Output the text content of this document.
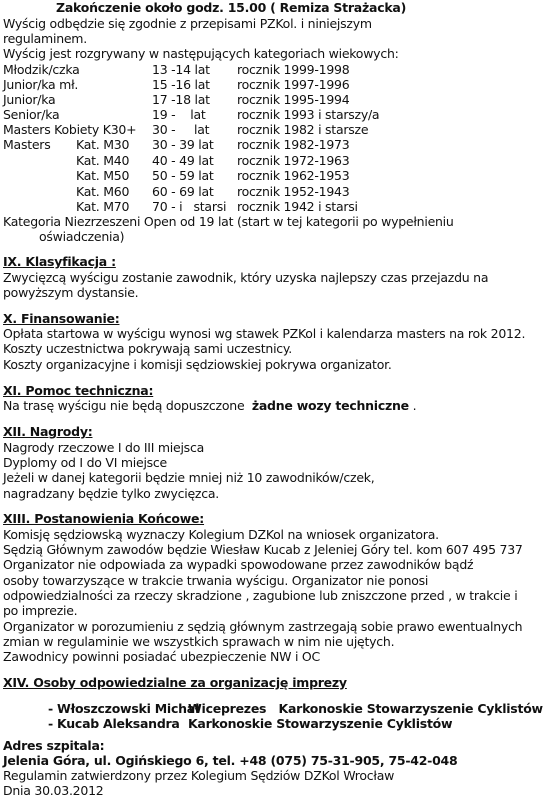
Zakończenie około godz. 15.00 ( Remiza Strażacka)
Wyścig odbędzie się zgodnie z przepisami PZKol. i niniejszym
regulaminem.
Wyścig jest rozgrywany w następujących kategoriach wiekowych:
Młodzik/czka	13 -14 lat rocznik 1999-1998
Junior/ka mł.	15 -16 lat rocznik 1997-1996
Junior/ka	17 -18 lat rocznik 1995-1994
Senior/ka	19 -    lat	rocznik 1993 i starszy/a
Masters Kobiety K30+ 30 -     lat rocznik 1982 i starsze
Masters Kat. M30 30 - 39 lat rocznik 1982-1973
Kat. M40 40 - 49 lat rocznik 1972-1963
Kat. M50 50 - 59 lat rocznik 1962-1953
Kat. M60 60 - 69 lat rocznik 1952-1943
Kat. M70 70 - i   starsi rocznik 1942 i starsi
Kategoria Niezrzeszeni Open od 19 lat (start w tej kategorii po wypełnieniu
oświadczenia)
IX. Klasyfikacja :
Zwycięzcą wyścigu zostanie zawodnik, który uzyska najlepszy czas przejazdu na
powyższym dystansie.
X. Finansowanie:
Opłata startowa w wyścigu wynosi wg stawek PZKol i kalendarza masters na rok 2012.
Koszty uczestnictwa pokrywają sami uczestnicy.
Koszty organizacyjne i komisji sędziowskiej pokrywa organizator.
XI. Pomoc techniczna:
Na trasę wyścigu nie będą dopuszczone  żadne wozy techniczne .
XII. Nagrody:
Nagrody rzeczowe I do III miejsca
Dyplomy od I do VI miejsce
Jeżeli w danej kategorii będzie mniej niż 10 zawodników/czek,
nagradzany będzie tylko zwycięzca.
XIII. Postanowienia Końcowe:
Komisję sędziowską wyznaczy Kolegium DZKol na wniosek organizatora.
Sędzią Głównym zawodów będzie Wiesław Kucab z Jeleniej Góry tel. kom 607 495 737
Organizator nie odpowiada za wypadki spowodowane przez zawodników bądź
osoby towarzyszące w trakcie trwania wyścigu. Organizator nie ponosi
odpowiedzialności za rzeczy skradzione , zagubione lub zniszczone przed , w trakcie i
po imprezie.
Organizator w porozumieniu z sędzią głównym zastrzegają sobie prawo ewentualnych
zmian w regulaminie we wszystkich sprawach w nim nie ujętych.
Zawodnicy powinni posiadać ubezpieczenie NW i OC
XIV. Osoby odpowiedzialne za organizację imprezy
- Włoszczowski Michał
Wiceprezes   Karkonoskie Stowarzyszenie Cyklistów
- Kucab Aleksandra Karkonoskie Stowarzyszenie Cyklistów
Adres szpitala:
Jelenia Góra, ul. Ogińskiego 6, tel. +48 (075) 75-31-905, 75-42-048
Regulamin zatwierdzony przez Kolegium Sędziów DZKol Wrocław
Dnia 30.03.2012
